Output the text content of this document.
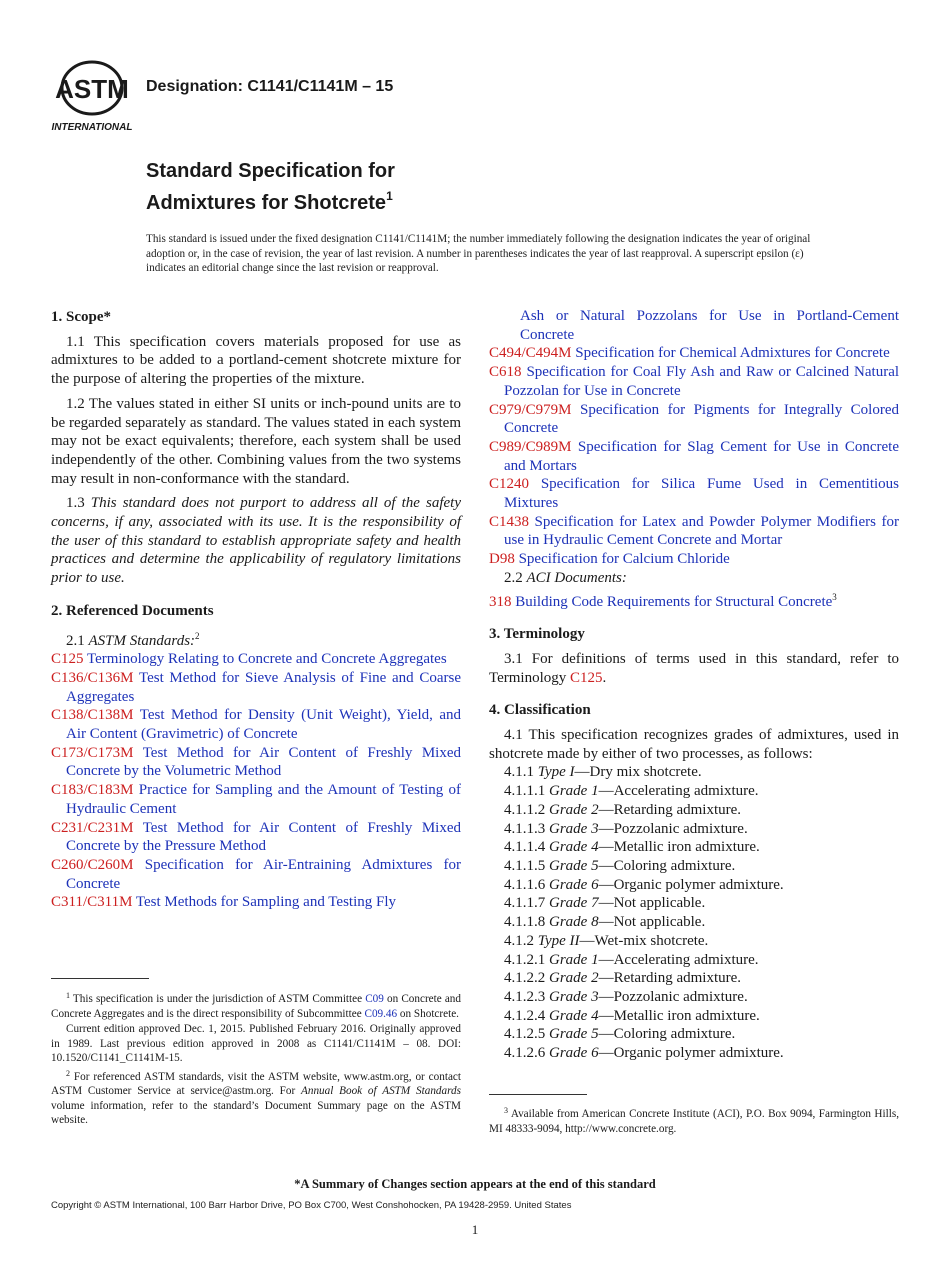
ASTM
INTERNATIONAL
Designation: C1141/C1141M – 15
Standard Specification for
Admixtures for Shotcrete$^1$
This standard is issued under the fixed designation C1141/C1141M; the number immediately following the designation indicates the year of original adoption or, in the case of revision, the year of last revision. A number in parentheses indicates the year of last reapproval. A superscript epsilon (ε) indicates an editorial change since the last revision or reapproval.
1. Scope*
1.1 This specification covers materials proposed for use as admixtures to be added to a portland-cement shotcrete mixture for the purpose of altering the properties of the mixture.
1.2 The values stated in either SI units or inch-pound units are to be regarded separately as standard. The values stated in each system may not be exact equivalents; therefore, each system shall be used independently of the other. Combining values from the two systems may result in non-conformance with the standard.
1.3 This standard does not purport to address all of the safety concerns, if any, associated with its use. It is the responsibility of the user of this standard to establish appropriate safety and health practices and determine the applicability of regulatory limitations prior to use.
2. Referenced Documents
2.1 ASTM Standards:$^2$
C125 Terminology Relating to Concrete and Concrete Aggregates
C136/C136M Test Method for Sieve Analysis of Fine and Coarse Aggregates
C138/C138M Test Method for Density (Unit Weight), Yield, and Air Content (Gravimetric) of Concrete
C173/C173M Test Method for Air Content of Freshly Mixed Concrete by the Volumetric Method
C183/C183M Practice for Sampling and the Amount of Testing of Hydraulic Cement
C231/C231M Test Method for Air Content of Freshly Mixed Concrete by the Pressure Method
C260/C260M Specification for Air-Entraining Admixtures for Concrete
C311/C311M Test Methods for Sampling and Testing Fly

$^1$ This specification is under the jurisdiction of ASTM Committee C09 on Concrete and Concrete Aggregates and is the direct responsibility of Subcommittee C09.46 on Shotcrete.

Current edition approved Dec. 1, 2015. Published February 2016. Originally approved in 1989. Last previous edition approved in 2008 as C1141/C1141M – 08. DOI: 10.1520/C1141_C1141M-15.

$^2$ For referenced ASTM standards, visit the ASTM website, www.astm.org, or contact ASTM Customer Service at service@astm.org. For Annual Book of ASTM Standards volume information, refer to the standard’s Document Summary page on the ASTM website.

Ash or Natural Pozzolans for Use in Portland-Cement Concrete
C494/C494M Specification for Chemical Admixtures for Concrete
C618 Specification for Coal Fly Ash and Raw or Calcined Natural Pozzolan for Use in Concrete
C979/C979M Specification for Pigments for Integrally Colored Concrete
C989/C989M Specification for Slag Cement for Use in Concrete and Mortars
C1240 Specification for Silica Fume Used in Cementitious Mixtures
C1438 Specification for Latex and Powder Polymer Modifiers for use in Hydraulic Cement Concrete and Mortar
D98 Specification for Calcium Chloride
2.2 ACI Documents:
318 Building Code Requirements for Structural Concrete$^3$
3. Terminology
3.1 For definitions of terms used in this standard, refer to Terminology C125.
4. Classification
4.1 This specification recognizes grades of admixtures, used in shotcrete made by either of two processes, as follows:
4.1.1 Type I—Dry mix shotcrete.
4.1.1.1 Grade 1—Accelerating admixture.
4.1.1.2 Grade 2—Retarding admixture.
4.1.1.3 Grade 3—Pozzolanic admixture.
4.1.1.4 Grade 4—Metallic iron admixture.
4.1.1.5 Grade 5—Coloring admixture.
4.1.1.6 Grade 6—Organic polymer admixture.
4.1.1.7 Grade 7—Not applicable.
4.1.1.8 Grade 8—Not applicable.
4.1.2 Type II—Wet-mix shotcrete.
4.1.2.1 Grade 1—Accelerating admixture.
4.1.2.2 Grade 2—Retarding admixture.
4.1.2.3 Grade 3—Pozzolanic admixture.
4.1.2.4 Grade 4—Metallic iron admixture.
4.1.2.5 Grade 5—Coloring admixture.
4.1.2.6 Grade 6—Organic polymer admixture.

$^3$ Available from American Concrete Institute (ACI), P.O. Box 9094, Farmington Hills, MI 48333-9094, http://www.concrete.org.

*A Summary of Changes section appears at the end of this standard
Copyright © ASTM International, 100 Barr Harbor Drive, PO Box C700, West Conshohocken, PA 19428-2959. United States
1
